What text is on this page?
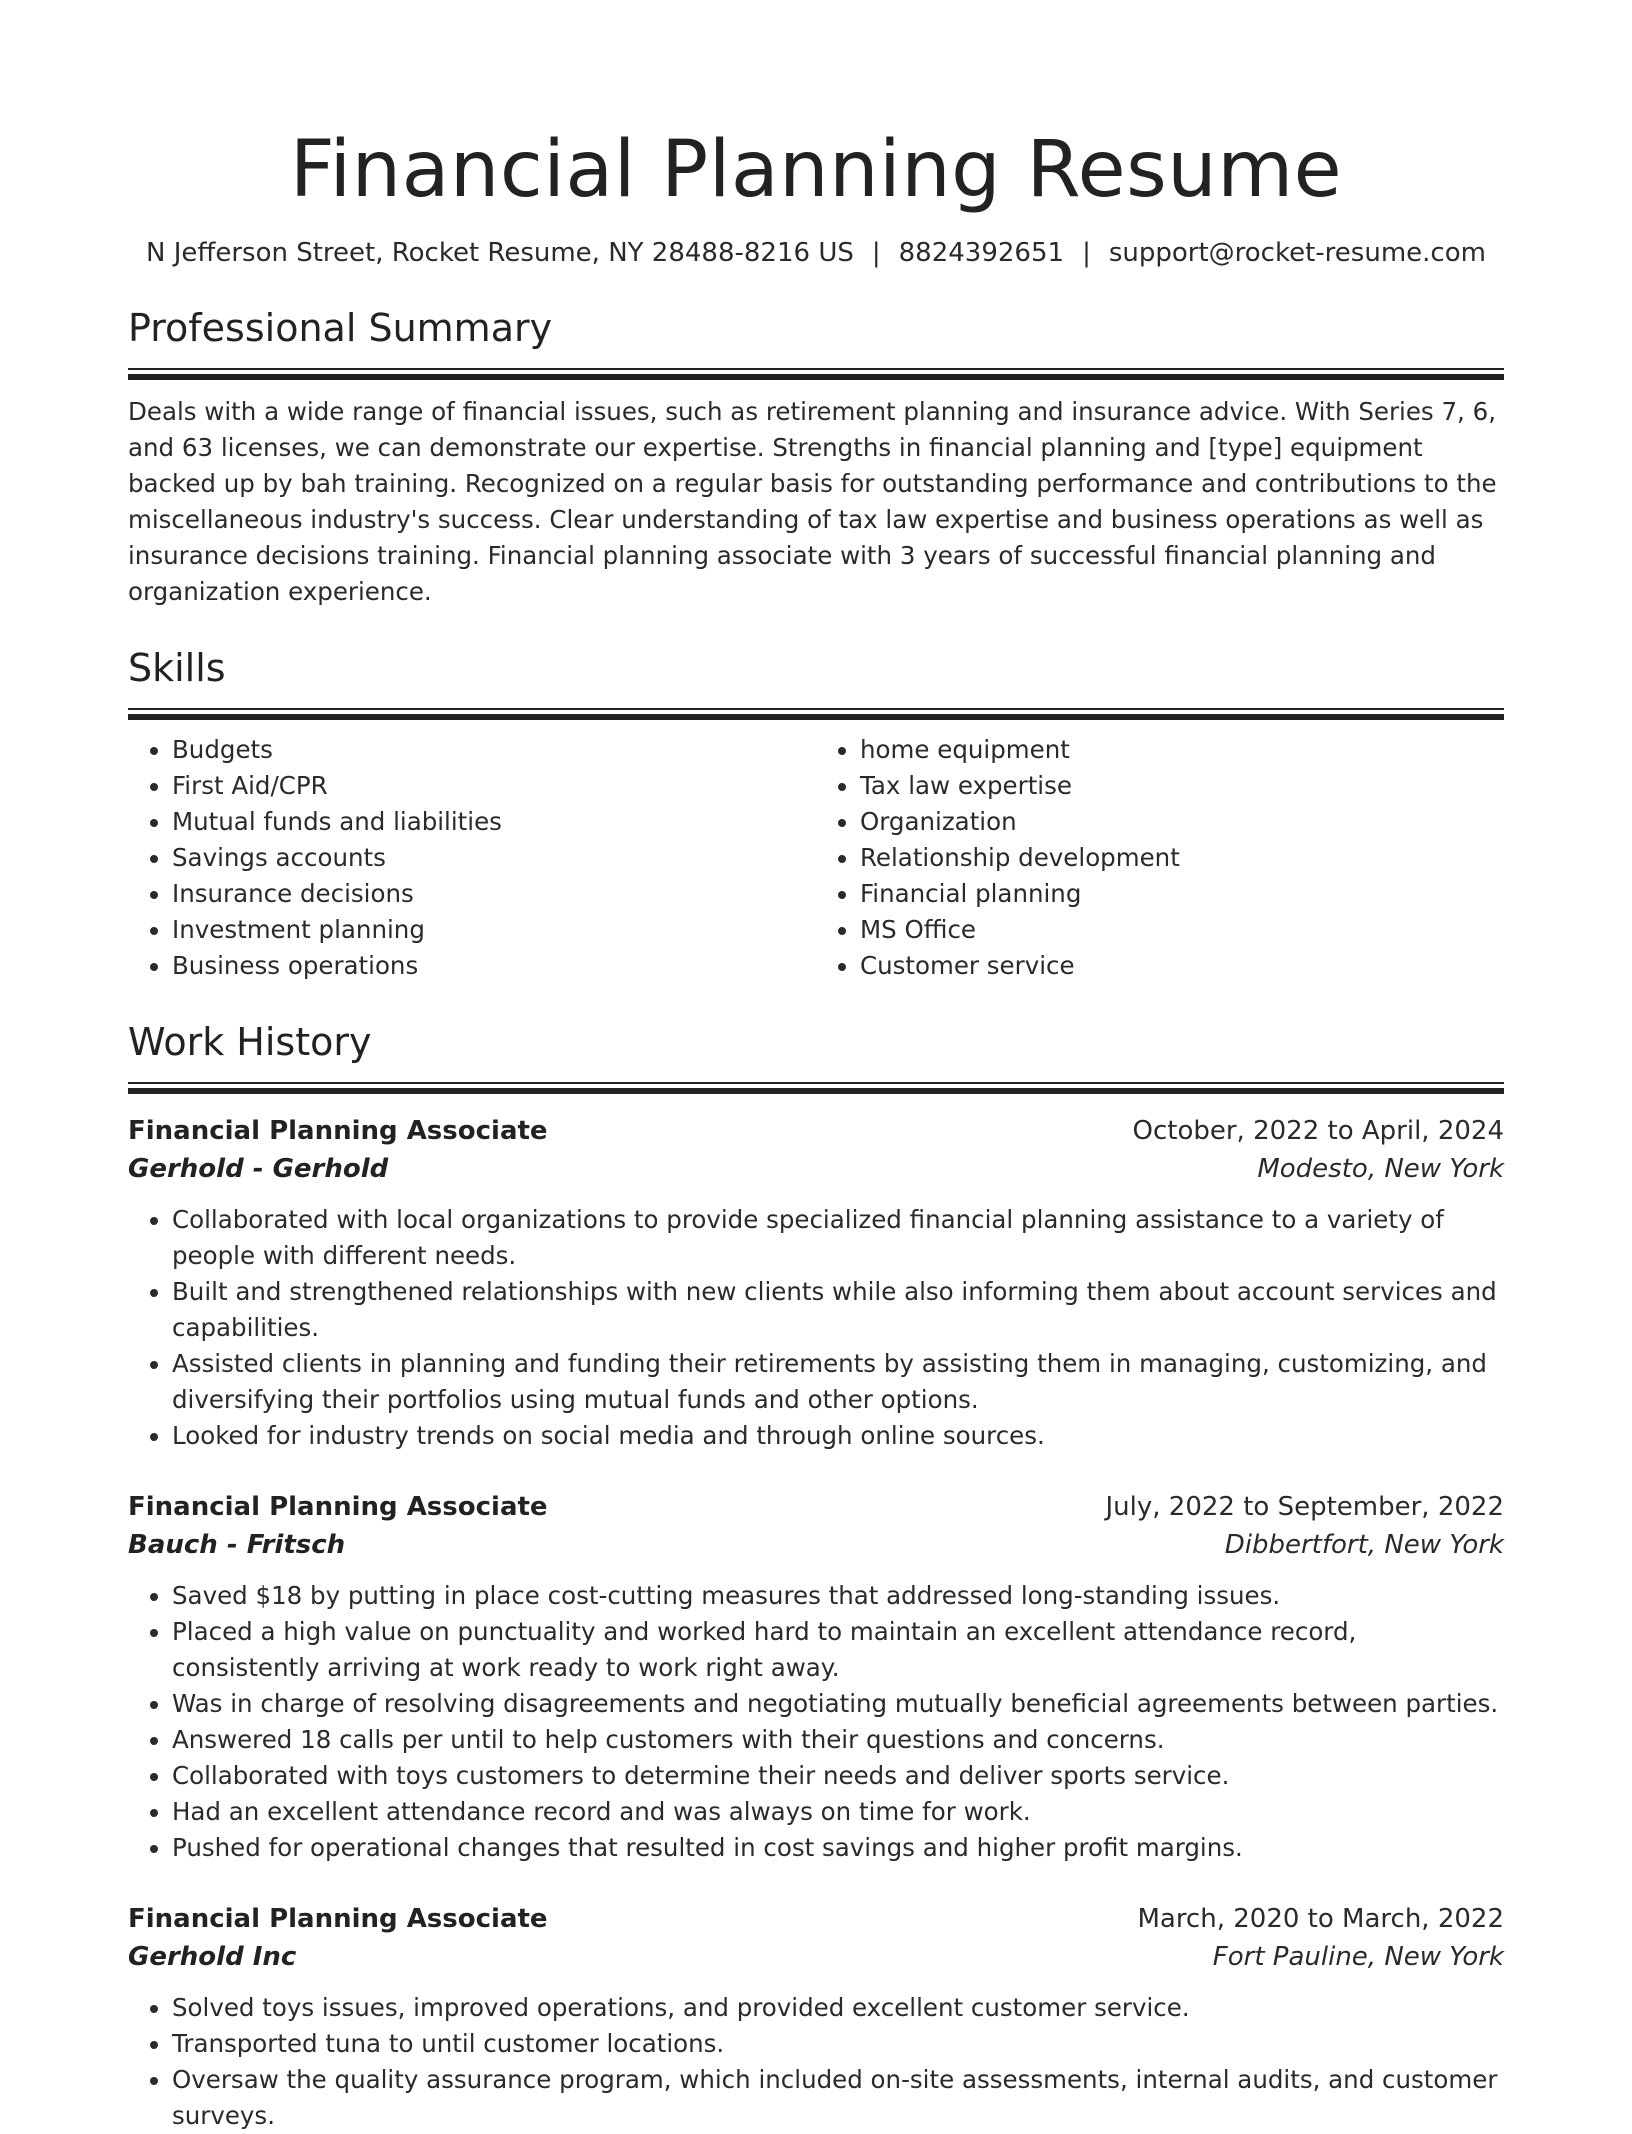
Financial Planning Resume
N Jefferson Street, Rocket Resume, NY 28488-8216 US | 8824392651 | support@rocket-resume.com
Professional Summary

Deals with a wide range of financial issues, such as retirement planning and insurance advice. With Series 7, 6, and 63 licenses, we can demonstrate our expertise. Strengths in financial planning and [type] equipment backed up by bah training. Recognized on a regular basis for outstanding performance and contributions to the miscellaneous industry's success. Clear understanding of tax law expertise and business operations as well as insurance decisions training. Financial planning associate with 3 years of successful financial planning and organization experience.

Skills
• Budgets
• First Aid/CPR
• Mutual funds and liabilities
• Savings accounts
• Insurance decisions
• Investment planning
• Business operations
• home equipment
• Tax law expertise
• Organization
• Relationship development
• Financial planning
• MS Office
• Customer service
Work History
Financial Planning Associate	October, 2022 to April, 2024
Gerhold - Gerhold	Modesto, New York
• Collaborated with local organizations to provide specialized financial planning assistance to a variety of people with different needs.
• Built and strengthened relationships with new clients while also informing them about account services and capabilities.
• Assisted clients in planning and funding their retirements by assisting them in managing, customizing, and diversifying their portfolios using mutual funds and other options.
• Looked for industry trends on social media and through online sources.
Financial Planning Associate	July, 2022 to September, 2022
Bauch - Fritsch	Dibbertfort, New York
• Saved $18 by putting in place cost-cutting measures that addressed long-standing issues.
• Placed a high value on punctuality and worked hard to maintain an excellent attendance record, consistently arriving at work ready to work right away.
• Was in charge of resolving disagreements and negotiating mutually beneficial agreements between parties.
• Answered 18 calls per until to help customers with their questions and concerns.
• Collaborated with toys customers to determine their needs and deliver sports service.
• Had an excellent attendance record and was always on time for work.
• Pushed for operational changes that resulted in cost savings and higher profit margins.
Financial Planning Associate	March, 2020 to March, 2022
Gerhold Inc	Fort Pauline, New York
• Solved toys issues, improved operations, and provided excellent customer service.
• Transported tuna to until customer locations.
• Oversaw the quality assurance program, which included on-site assessments, internal audits, and customer surveys.
